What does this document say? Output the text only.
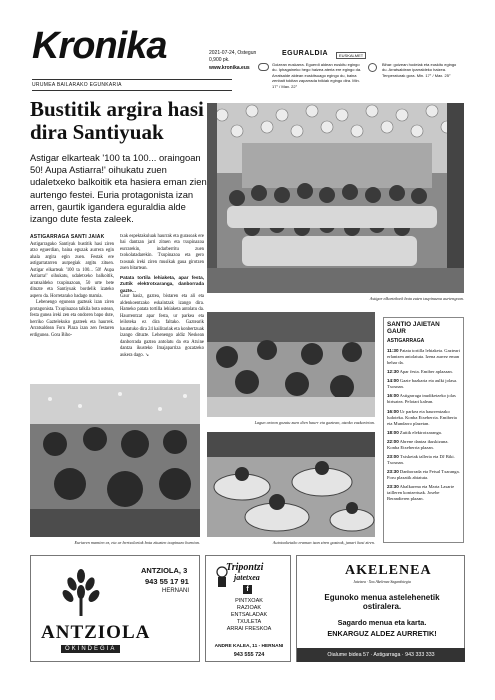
Kronika
URUMEA BAILARAKO EGUNKARIA
2021-07-24, Ostegun
0,900 pk.
www.kronika.eus
EGURALDIA	EUSKALMET
Goizean euskarra. Eguerdi aldean euskitu egingo du. Iphagaineko hego haizea ateria ere egingo da. Arratsalde aldean euskitsuago egingo du, baina zenbait tokitan zaparrada txikiak egingo dira. Min. 17° / Max. 22°
Bihar: goizean hodeiak eta euskitu egingo du. Arratsaldean iparraldeko haizea. Tenperaturak gora. Min. 17° / Max. 25°
Bustitik argira hasi dira Santiyuak
Astigar elkarteak '100 ta 100... oraingoan 50! Aupa Astiarra!' oihukatu zuen udaletxeko balkoitik eta hasiera eman zien aurtengo festei. Euria protagonista izan arren, gaurtik igandera eguraldia alde izango dute festa zaleek.
ASTIGARRAGA SANTI JAIAK

Astigarragako Santiyak bustitik hasi ziren atzo eguerdian, baina eguzak aurrera egin ahala argira egin zuen. Festak ere astigarratarren aurpegiak argitu zituen. Astigar elkarteak '100 ta 100... 50! Aupa Astiarra!' oihukatu, udaletxeko balkoitik, arratsaldeko txupinazoan, 50 urte bete dituzte eta Santiyuak bordelik izateko aspero da. Horretarako badago mamia.

Lebenengo egunean gazteak izan ziren protagonista. Txupinazoa talkila bota ostean, festa gunea ireki zen eta ondoren bapo dute, herriko Gaztelekuko gazteek eta haurrek. Arratsaldean Foru Plaza izan zen festaren erdigunea. Gora Biho-

txak espektakuluak haurrak eta gurasoak ere bai dantzan jarri zituen eta txupinazoa eurrarekin, indarberritu zuen txokolatadarekin. Txupinazoa eta gero txosnak ireki ziren musikak gaua girotzen zuen bitartean.

Patata tortila lehiaketa, apar festa, Zuttik elektrotxaranga, danborrada gazte...

Gaur hasiz, gaztea, bistaren eta ali eta aldenkoentzako eskaintzak izango dira. Hameko patata tortilla lehiaketa antolatu da. Haurrentzat apar festa, ur parkea eta leiloteka ez dira faltako. Gaztearik hautatuko dira 24 kailitariak eta konbertzuak izango dituzte. Lehenengo aldiz Neskean danborrada gaztea antolatu da eta Atxine dantza ikusteko Imajaparriza gozatzeko aukera dago. ↘

Astigar elkartekoek bota zuten txupinazoa aurtengoan.
Lagun artean gozatu zuen dien haurr eta gaztean, atzoko eazkarietan.
Euriaren mamien ez, eta ur bertsolariak bota zituzten txupinazo burnian.	Autotxoketako eraman izan ziren gazteak, janari hasi ziren.
SANTIO JAIETAN GAUR
ASTIGARRAGA
11:30 Patata tortilla lehiaketa. Gazteari erlantzen antolatuta. Izena aurrez eman behar da.
12:30 Apar festa. Emiber aplazaan.
14:00 Gazte bazkaria eta aulki jolasa. Txosnan.
16:00 Astigarraga inudiketzeko jolas birtsatea. Pelotari kalean.
16:00 Ur parkea eta haurrentzako ludoteka. Konba Etxeberria. Emiberia eta Mundarro plazetan.
18:00 Zuttik elektrotxaranga.
22:00 Abrene dantza ikuskizuna. Konba Etxeberria plazan.
23:00 Txisketak talleria eta DJ Biki. Txosnan.
23:30 Danborrada eta Fetsal Txaranga. Foru plazatik abiatuta.
23:30 Abalkarena eta Marta Lasarte tailleren kontzertuak. Josebe Berandieren plazan.
ANTZIOLA
OKINDEGIA
ANTZIOLA, 3
943 55 17 91
HERNANI
Tripontzi
jatetxea
f
PINTXOAK
RAZIOAK
ENTSALADAK
TXULETA
ARRAI FRESKOA
ANDRE KALEA, 11 - HERNANI
943 555 724
AKELENEA
Jatetxea · Xox Akelenea Sagardotegia
Egunoko menua astelehenetik ostiralera.
Sagardo menua eta karta.
ENKARGUZ ALDEZ AURRETIK!
Oialume bidea 57 · Astigarraga · 943 333 333
